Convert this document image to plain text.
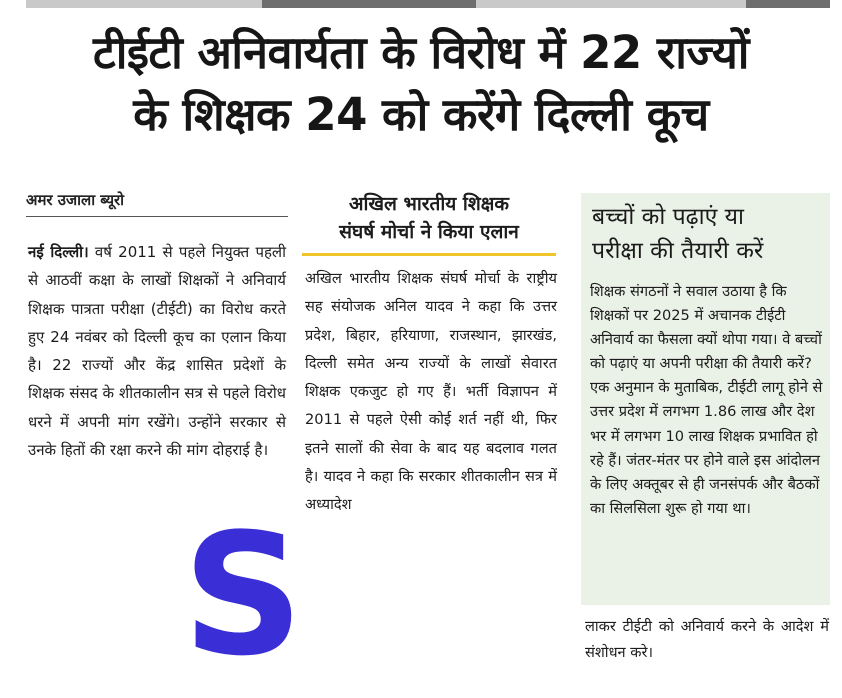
टीईटी अनिवार्यता के विरोध में 22 राज्यों
के शिक्षक 24 को करेंगे दिल्ली कूच
अमर उजाला ब्यूरो
नई दिल्ली। वर्ष 2011 से पहले नियुक्त पहली से आठवीं कक्षा के लाखों शिक्षकों ने अनिवार्य शिक्षक पात्रता परीक्षा (टीईटी) का विरोध करते हुए 24 नवंबर को दिल्ली कूच का एलान किया है। 22 राज्यों और केंद्र शासित प्रदेशों के शिक्षक संसद के शीतकालीन सत्र से पहले विरोध धरने में अपनी मांग रखेंगे। उन्होंने सरकार से उनके हितों की रक्षा करने की मांग दोहराई है।
अखिल भारतीय शिक्षक
संघर्ष मोर्चा ने किया एलान
अखिल भारतीय शिक्षक संघर्ष मोर्चा के राष्ट्रीय सह संयोजक अनिल यादव ने कहा कि उत्तर प्रदेश, बिहार, हरियाणा, राजस्थान, झारखंड, दिल्ली समेत अन्य राज्यों के लाखों सेवारत शिक्षक एकजुट हो गए हैं। भर्ती विज्ञापन में 2011 से पहले ऐसी कोई शर्त नहीं थी, फिर इतने सालों की सेवा के बाद यह बदलाव गलत है। यादव ने कहा कि सरकार शीतकालीन सत्र में अध्यादेश
बच्चों को पढ़ाएं या
परीक्षा की तैयारी करें
शिक्षक संगठनों ने सवाल उठाया है कि शिक्षकों पर 2025 में अचानक टीईटी अनिवार्य का फैसला क्यों थोपा गया। वे बच्चों को पढ़ाएं या अपनी परीक्षा की तैयारी करें? एक अनुमान के मुताबिक, टीईटी लागू होने से उत्तर प्रदेश में लगभग 1.86 लाख और देश भर में लगभग 10 लाख शिक्षक प्रभावित हो रहे हैं। जंतर-मंतर पर होने वाले इस आंदोलन के लिए अक्तूबर से ही जनसंपर्क और बैठकों का सिलसिला शुरू हो गया था।
लाकर टीईटी को अनिवार्य करने के आदेश में संशोधन करे।
S
